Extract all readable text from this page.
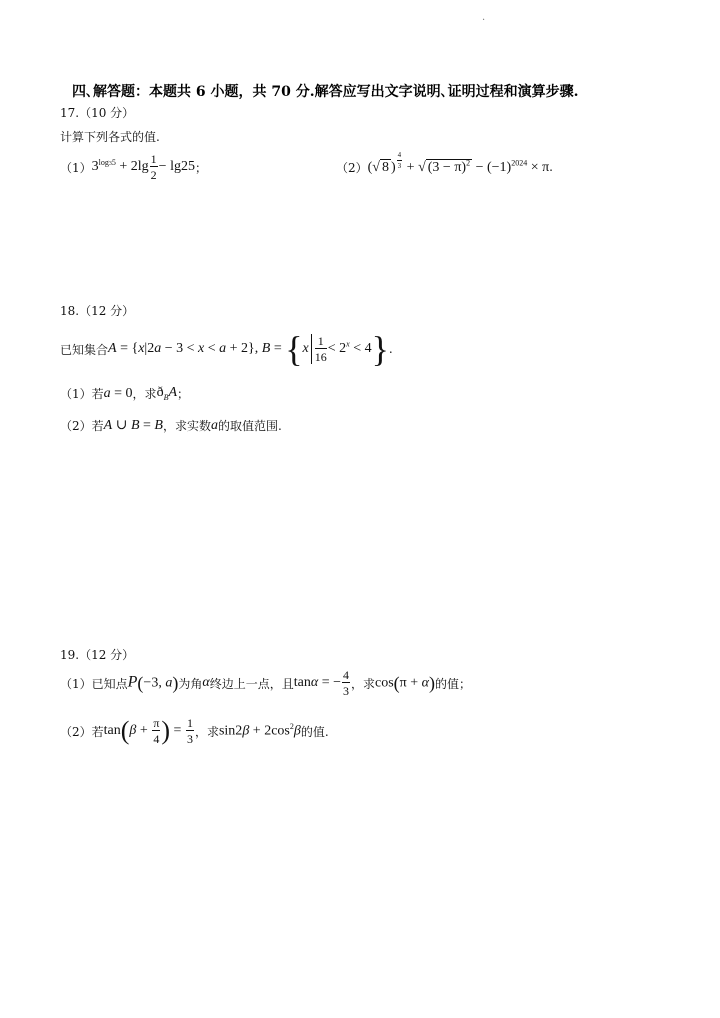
.
四､解答题：本题共 6 小题，共 70 分.解答应写出文字说明､证明过程和演算步骤.
17.（10 分）
计算下列各式的值.
（1） $3^{log35} + 2\lg \frac{1}{2} - \lg 25$ ；	（2） (√ 8 ) $^{\frac{4}{3}}$ + √ $(3 - \pi)^2 - (-1)^{2024} \times \pi$ .
18.（12 分）
已知集合 A = {x|2a − 3 < x < a + 2}, $B = \{x \frac{1}{16} < 2^x < 4\}$ .
（1）若 a = 0 ，求 $ð_BA$ ；
（2）若 A ∪ B = B ，求实数 a 的取值范围.
19.（12 分）
（1）已知点 P(−3, a) 为角 α 终边上一点，且 tanα = − $\frac{4}{3}$ ，求 cos(π + α) 的值；
（2）若 $\tan(\beta + \frac{\pi}{4}$ ) = $\frac{1}{3}$ ，求 $\sin 2\beta + 2\cos^2\beta$ 的值.
